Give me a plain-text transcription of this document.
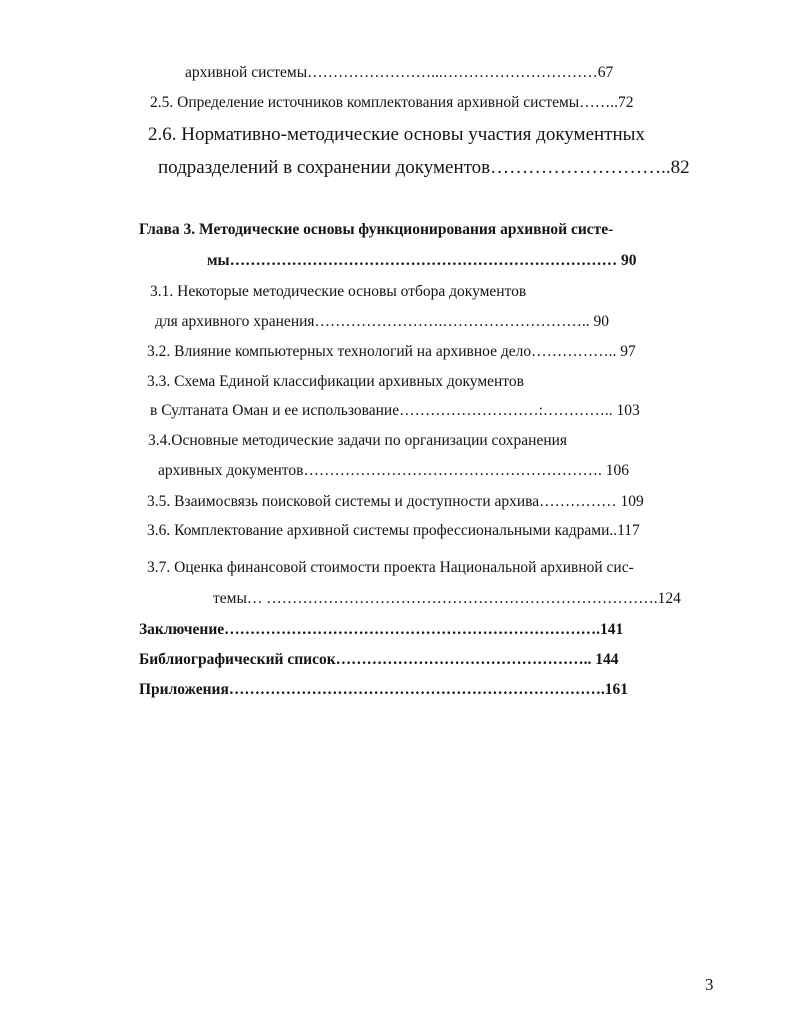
архивной системы……………………...…………………………67
2.5. Определение источников комплектования архивной системы……..72
2.6. Нормативно-методические основы участия документных
подразделений в сохранении документов………………………..82
Глава 3. Методические основы функционирования архивной систе-
мы………………………………………………………………… 90
3.1. Некоторые методические основы отбора документов
для архивного хранения…………………….……………………….. 90
3.2. Влияние компьютерных технологий на архивное дело…………….. 97
3.3. Схема Единой классификации архивных документов
в Султаната Оман и ее использование………………………:………….. 103
3.4.Основные методические задачи по организации сохранения
архивных документов…………………………………………………. 106
3.5. Взаимосвязь поисковой системы и доступности архива…………… 109
3.6. Комплектование архивной системы профессиональными кадрами..117
3.7. Оценка финансовой стоимости проекта Национальной архивной сис-
темы… ………………………………………………………………….124
Заключение……………………………………………………………….141
Библиографический список………………………………………….. 144
Приложения……………………………………………………………….161
3
